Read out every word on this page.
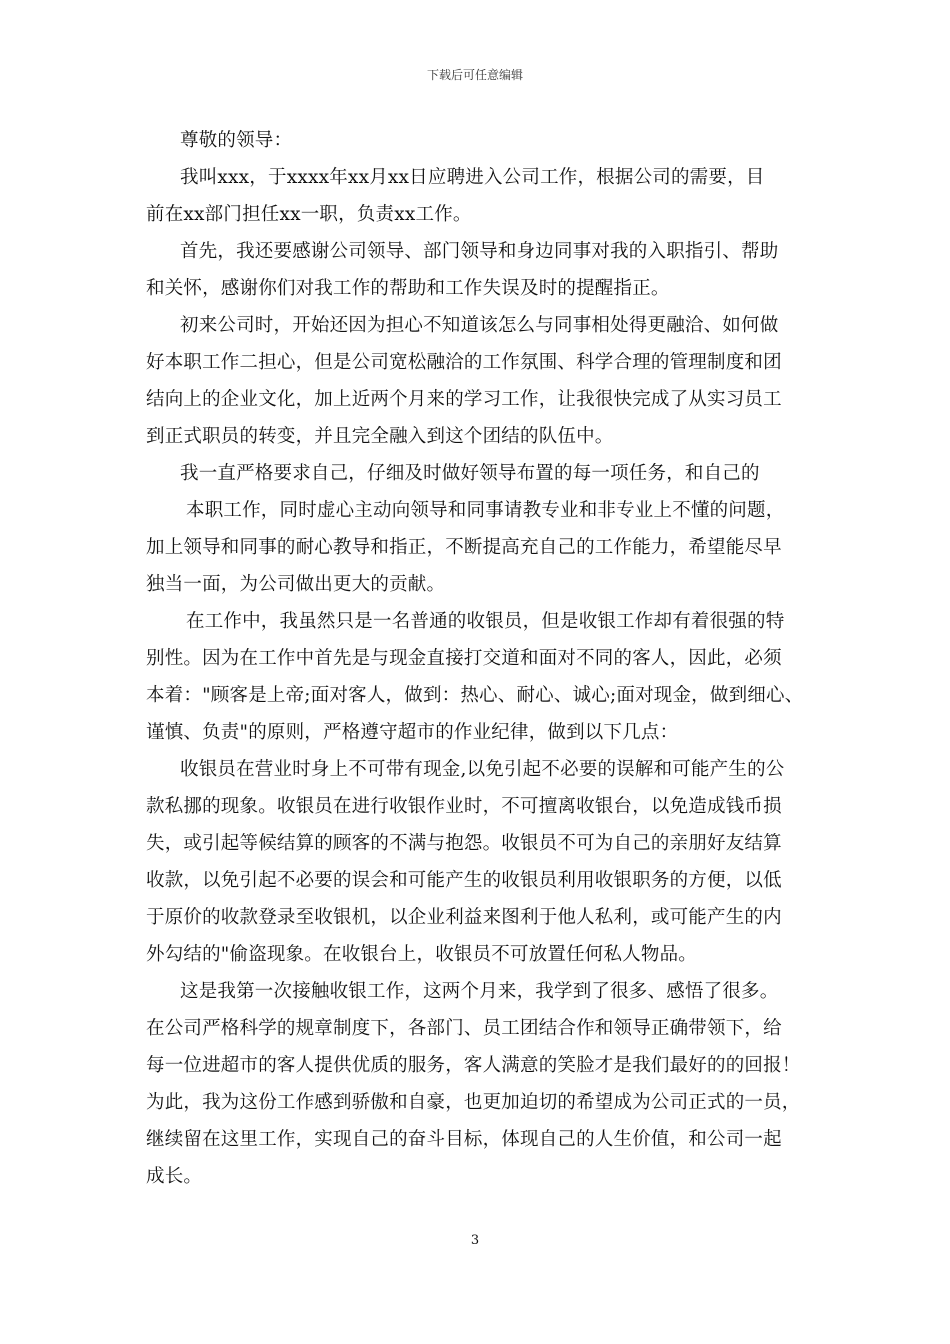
下载后可任意编辑
尊敬的领导：
我叫xxx，于xxxx年xx月xx日应聘进入公司工作，根据公司的需要，目
前在xx部门担任xx一职，负责xx工作。
首先，我还要感谢公司领导、部门领导和身边同事对我的入职指引、帮助
和关怀，感谢你们对我工作的帮助和工作失误及时的提醒指正。
初来公司时，开始还因为担心不知道该怎么与同事相处得更融洽、如何做
好本职工作二担心，但是公司宽松融洽的工作氛围、科学合理的管理制度和团
结向上的企业文化，加上近两个月来的学习工作，让我很快完成了从实习员工
到正式职员的转变，并且完全融入到这个团结的队伍中。
我一直严格要求自己，仔细及时做好领导布置的每一项任务，和自己的
本职工作，同时虚心主动向领导和同事请教专业和非专业上不懂的问题，
加上领导和同事的耐心教导和指正，不断提高充自己的工作能力，希望能尽早
独当一面，为公司做出更大的贡献。
在工作中，我虽然只是一名普通的收银员，但是收银工作却有着很强的特
别性。因为在工作中首先是与现金直接打交道和面对不同的客人，因此，必须
本着："顾客是上帝;面对客人，做到：热心、耐心、诚心;面对现金，做到细心、
谨慎、负责"的原则，严格遵守超市的作业纪律，做到以下几点：
收银员在营业时身上不可带有现金,以免引起不必要的误解和可能产生的公
款私挪的现象。收银员在进行收银作业时，不可擅离收银台，以免造成钱币损
失，或引起等候结算的顾客的不满与抱怨。收银员不可为自己的亲朋好友结算
收款，以免引起不必要的误会和可能产生的收银员利用收银职务的方便，以低
于原价的收款登录至收银机，以企业利益来图利于他人私利，或可能产生的内
外勾结的"偷盗现象。在收银台上，收银员不可放置任何私人物品。
这是我第一次接触收银工作，这两个月来，我学到了很多、感悟了很多。
在公司严格科学的规章制度下，各部门、员工团结合作和领导正确带领下，给
每一位进超市的客人提供优质的服务，客人满意的笑脸才是我们最好的的回报！
为此，我为这份工作感到骄傲和自豪，也更加迫切的希望成为公司正式的一员，
继续留在这里工作，实现自己的奋斗目标，体现自己的人生价值，和公司一起
成长。
3
